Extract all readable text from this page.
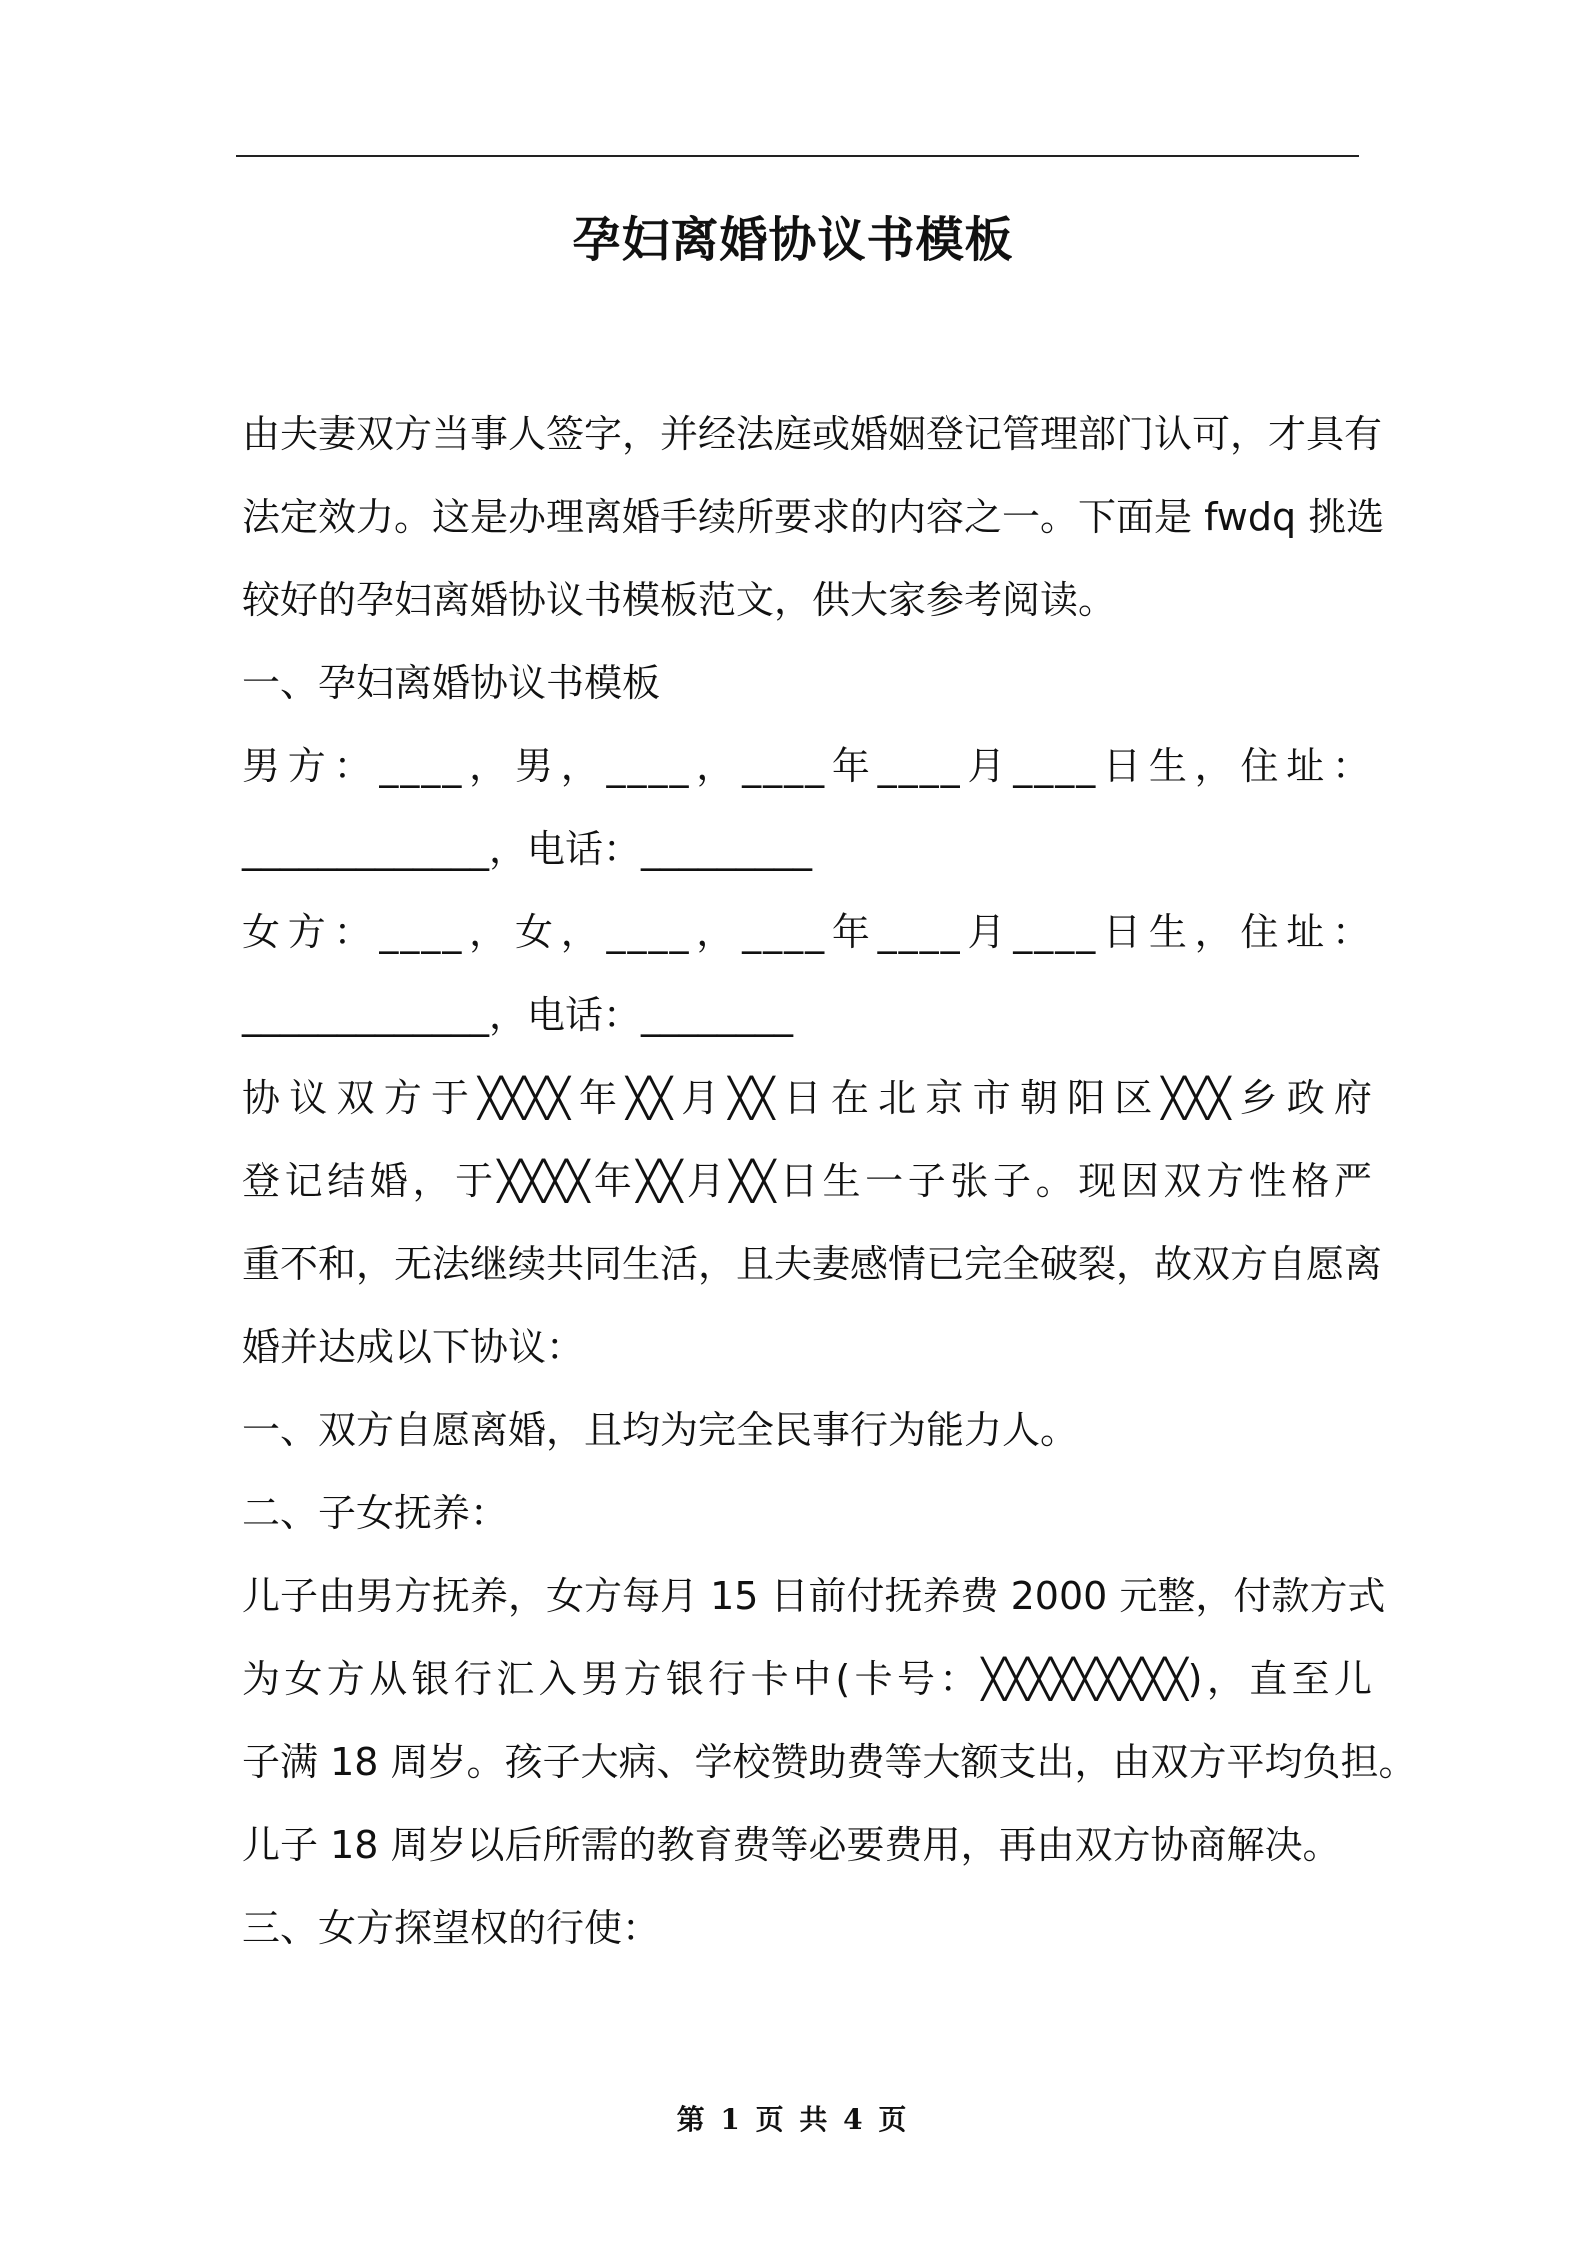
孕妇离婚协议书模板
由夫妻双方当事人签字，并经法庭或婚姻登记管理部门认可，才具有
法定效力。这是办理离婚手续所要求的内容之一。下面是 fwdq 挑选
较好的孕妇离婚协议书模板范文，供大家参考阅读。
一、孕妇离婚协议书模板
男方：____，男，____，____年____月____日生，住址：
_____________，电话：_________
女方：____，女，____，____年____月____日生，住址：
_____________，电话：________
协议双方于╳╳╳╳年╳╳月╳╳日在北京市朝阳区╳╳╳乡政府
登记结婚，于╳╳╳╳年╳╳月╳╳日生一子张子。现因双方性格严
重不和，无法继续共同生活，且夫妻感情已完全破裂，故双方自愿离
婚并达成以下协议：
一、双方自愿离婚，且均为完全民事行为能力人。
二、子女抚养：
儿子由男方抚养，女方每月 15 日前付抚养费 2000 元整，付款方式
为女方从银行汇入男方银行卡中(卡号：╳╳╳╳╳╳╳╳╳)，直至儿
子满 18 周岁。孩子大病、学校赞助费等大额支出，由双方平均负担。
儿子 18 周岁以后所需的教育费等必要费用，再由双方协商解决。
三、女方探望权的行使：
第 1 页 共 4 页
